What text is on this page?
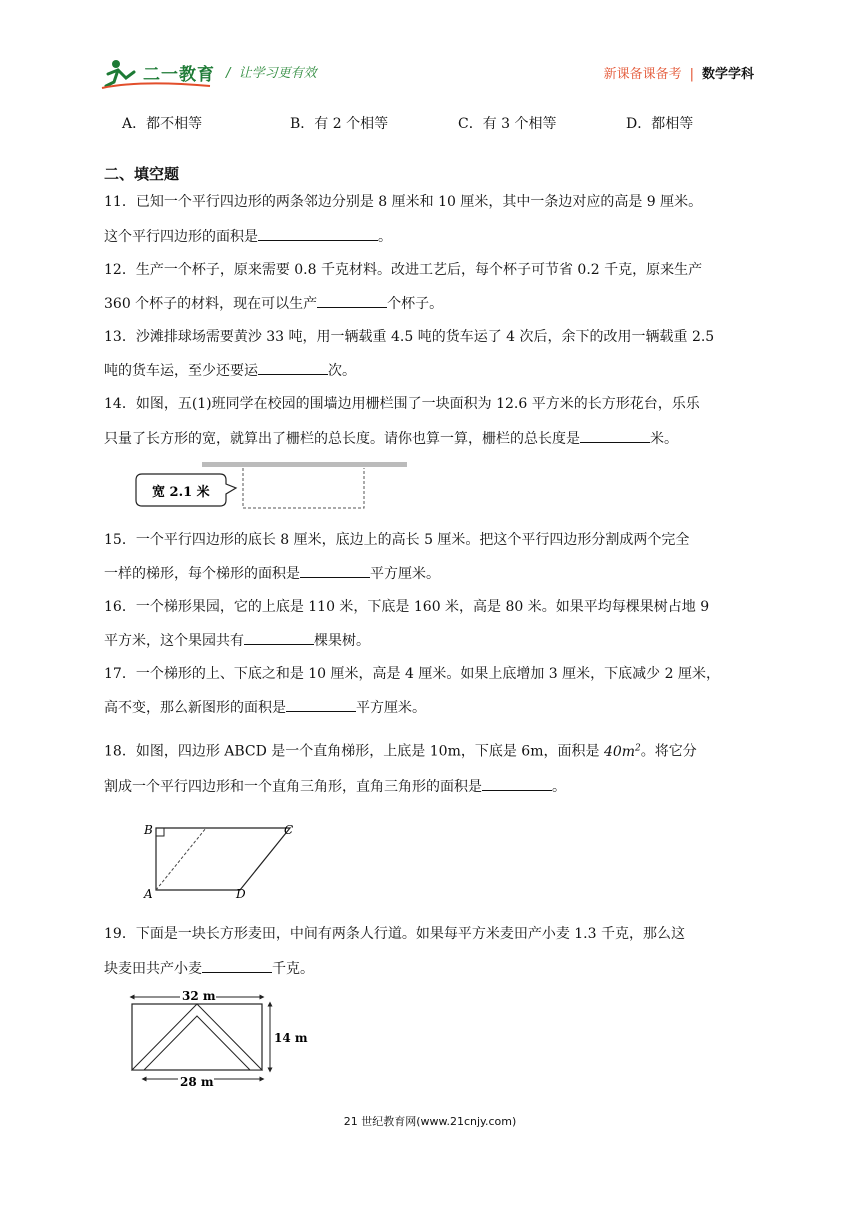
二一教育 /  让学习更有效	新课备课备考 | 数学学科
A．都不相等	B．有 2 个相等	C．有 3 个相等	D．都相等
二、填空题
11．已知一个平行四边形的两条邻边分别是 8 厘米和 10 厘米，其中一条边对应的高是 9 厘米。
这个平行四边形的面积是	。
12．生产一个杯子，原来需要 0.8 千克材料。改进工艺后，每个杯子可节省 0.2 千克，原来生产
360 个杯子的材料，现在可以生产	个杯子。
13．沙滩排球场需要黄沙 33 吨，用一辆载重 4.5 吨的货车运了 4 次后，余下的改用一辆载重 2.5
吨的货车运，至少还要运	次。
14．如图，五(1)班同学在校园的围墙边用栅栏围了一块面积为 12.6 平方米的长方形花台，乐乐
只量了长方形的宽，就算出了栅栏的总长度。请你也算一算，栅栏的总长度是	米。
宽 2.1 米
15．一个平行四边形的底长 8 厘米，底边上的高长 5 厘米。把这个平行四边形分割成两个完全
一样的梯形，每个梯形的面积是	平方厘米。
16．一个梯形果园，它的上底是 110 米，下底是 160 米，高是 80 米。如果平均每棵果树占地 9
平方米，这个果园共有	棵果树。
17．一个梯形的上、下底之和是 10 厘米，高是 4 厘米。如果上底增加 3 厘米，下底减少 2 厘米，
高不变，那么新图形的面积是	平方厘米。
18．如图，四边形 ABCD 是一个直角梯形，上底是 10m，下底是 6m，面积是 $40m^2$。将它分
割成一个平行四边形和一个直角三角形，直角三角形的面积是	。
B	C
A	D
19．下面是一块长方形麦田，中间有两条人行道。如果每平方米麦田产小麦 1.3 千克，那么这
块麦田共产小麦	千克。
32 m
14 m
28 m
21 世纪教育网(www.21cnjy.com)
